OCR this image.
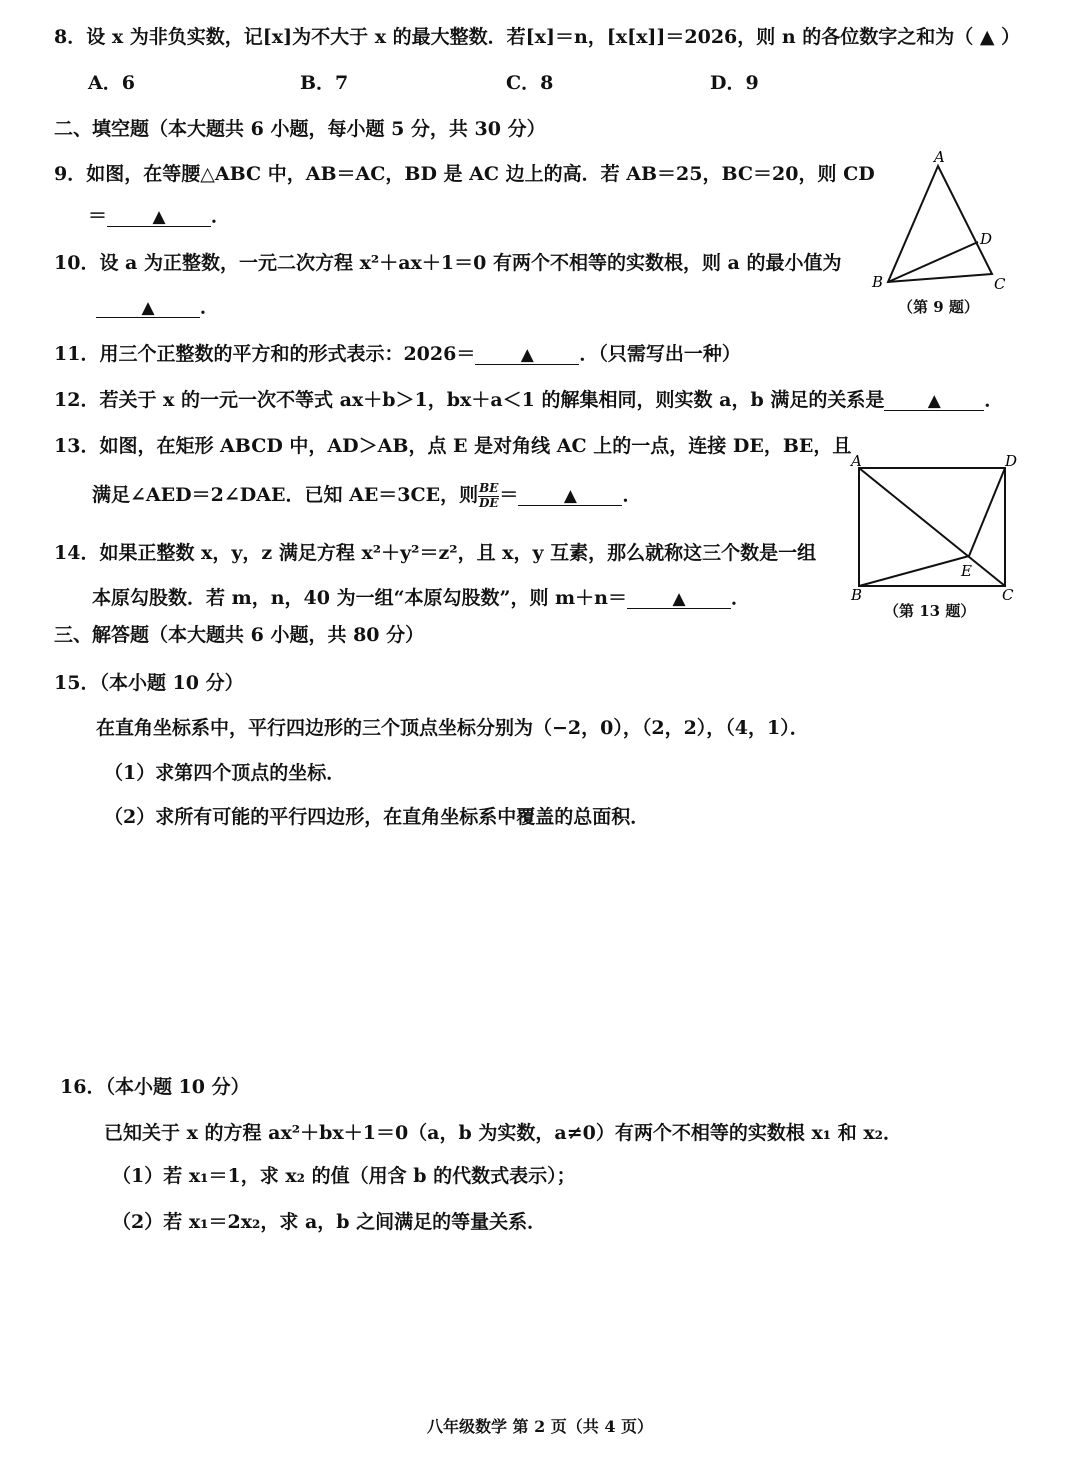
8．设 x 为非负实数，记[x]为不大于 x 的最大整数．若[x]＝n，[x[x]]＝2026，则 n 的各位数字之和为（ ▲ ）
A．6	B．7	C．8	D．9
二、填空题（本大题共 6 小题，每小题 5 分，共 30 分）
9．如图，在等腰△ABC 中，AB＝AC，BD 是 AC 边上的高．若 AB＝25，BC＝20，则 CD
＝	▲ ．
A
B	C
D
（第 9 题）
10．设 a 为正整数，一元二次方程 x²＋ax＋1＝0 有两个不相等的实数根，则 a 的最小值为
▲ ．
11．用三个正整数的平方和的形式表示：2026＝	▲ ．（只需写出一种）
12．若关于 x 的一元一次不等式 ax＋b＞1，bx＋a＜1 的解集相同，则实数 a，b 满足的关系是	▲ ．
13．如图，在矩形 ABCD 中，AD＞AB，点 E 是对角线 AC 上的一点，连接 DE，BE，且
满足∠AED＝2∠DAE．已知 AE＝3CE，则 $\frac{BE}{DE}$ ＝	▲ ．
A	D
B	C
E
（第 13 题）
14．如果正整数 x，y，z 满足方程 x²＋y²＝z²，且 x，y 互素，那么就称这三个数是一组
本原勾股数．若 m，n，40 为一组“本原勾股数”，则 m＋n＝	▲ ．
三、解答题（本大题共 6 小题，共 80 分）
15．（本小题 10 分）
在直角坐标系中，平行四边形的三个顶点坐标分别为（−2，0），（2，2），（4，1）．
（1）求第四个顶点的坐标．
（2）求所有可能的平行四边形，在直角坐标系中覆盖的总面积．
16．（本小题 10 分）
已知关于 x 的方程 ax²＋bx＋1＝0（a，b 为实数，a≠0）有两个不相等的实数根 x₁ 和 x₂．
（1）若 x₁＝1，求 x₂ 的值（用含 b 的代数式表示）；
（2）若 x₁＝2x₂，求 a，b 之间满足的等量关系．
八年级数学 第 2 页（共 4 页）
